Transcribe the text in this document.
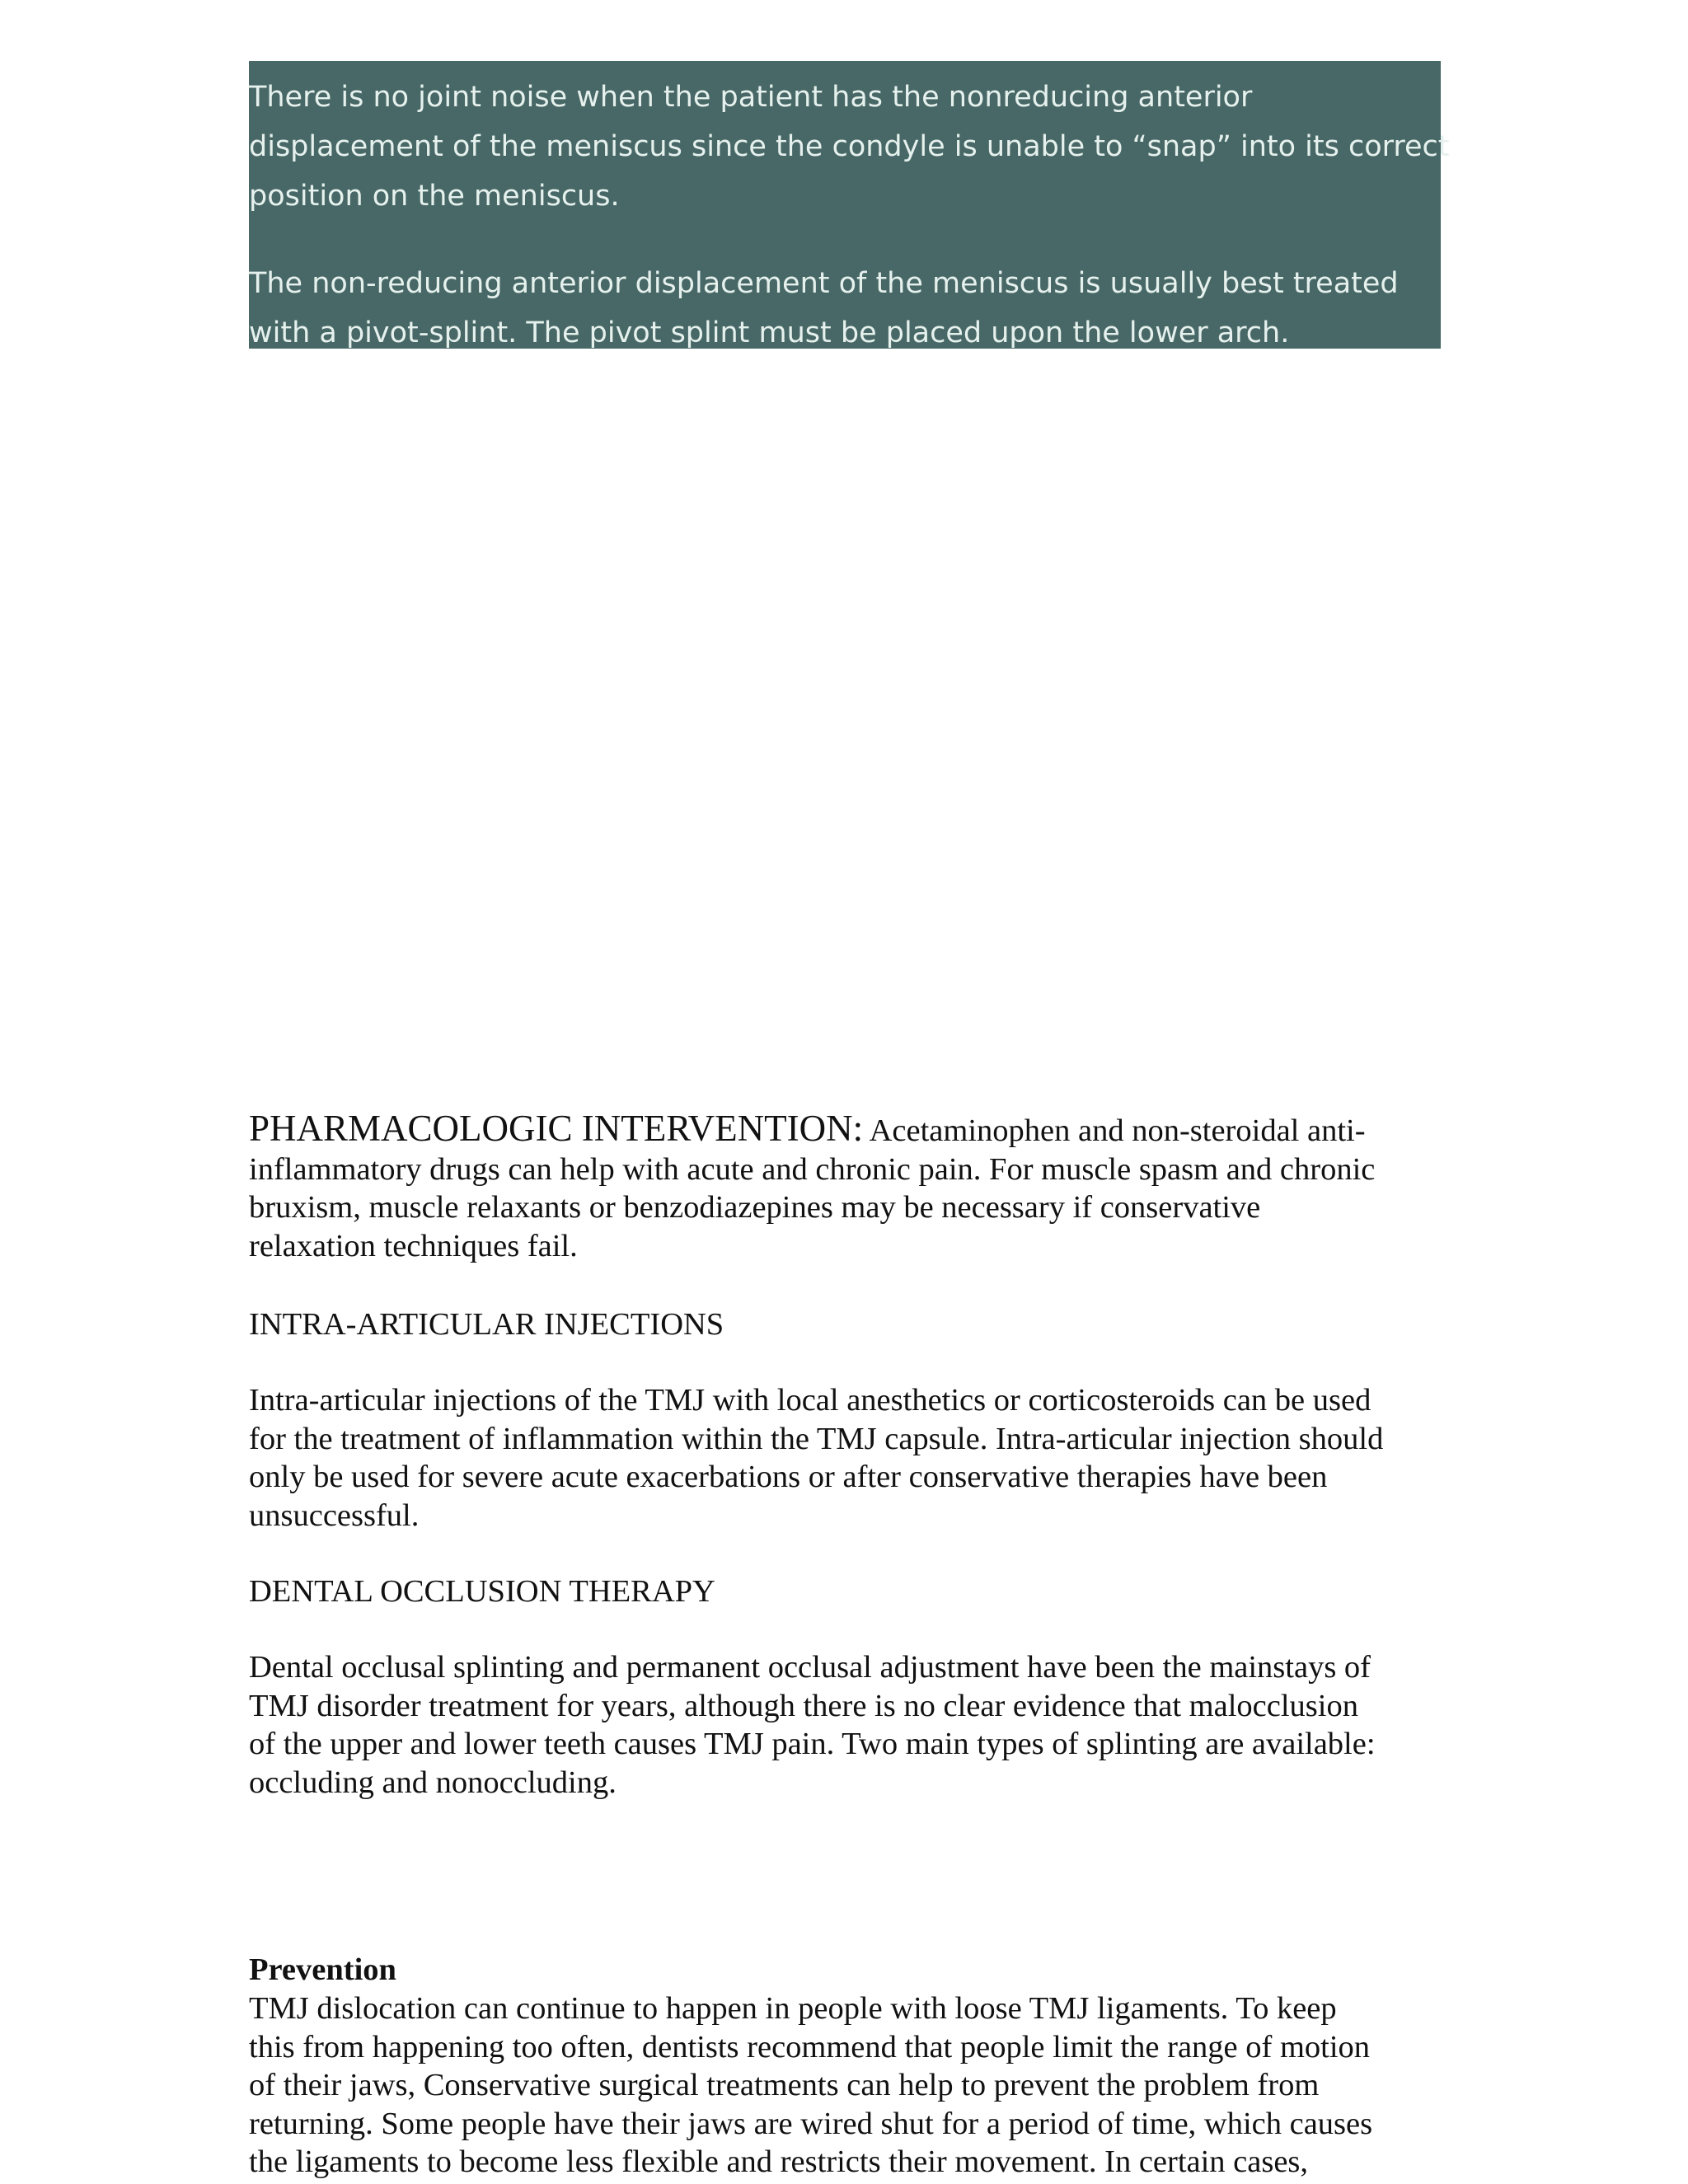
There is no joint noise when the patient has the nonreducing anterior
displacement of the meniscus since the condyle is unable to “snap” into its correct
position on the meniscus.

The non-reducing anterior displacement of the meniscus is usually best treated
with a pivot-splint. The pivot splint must be placed upon the lower arch.

PHARMACOLOGIC INTERVENTION: Acetaminophen and non-steroidal anti-
inflammatory drugs can help with acute and chronic pain. For muscle spasm and chronic
bruxism, muscle relaxants or benzodiazepines may be necessary if conservative
relaxation techniques fail.
INTRA-ARTICULAR INJECTIONS
Intra-articular injections of the TMJ with local anesthetics or corticosteroids can be used
for the treatment of inflammation within the TMJ capsule. Intra-articular injection should
only be used for severe acute exacerbations or after conservative therapies have been
unsuccessful.
DENTAL OCCLUSION THERAPY
Dental occlusal splinting and permanent occlusal adjustment have been the mainstays of
TMJ disorder treatment for years, although there is no clear evidence that malocclusion
of the upper and lower teeth causes TMJ pain. Two main types of splinting are available:
occluding and nonoccluding.
Prevention
TMJ dislocation can continue to happen in people with loose TMJ ligaments. To keep
this from happening too often, dentists recommend that people limit the range of motion
of their jaws, Conservative surgical treatments can help to prevent the problem from
returning. Some people have their jaws are wired shut for a period of time, which causes
the ligaments to become less flexible and restricts their movement. In certain cases,
